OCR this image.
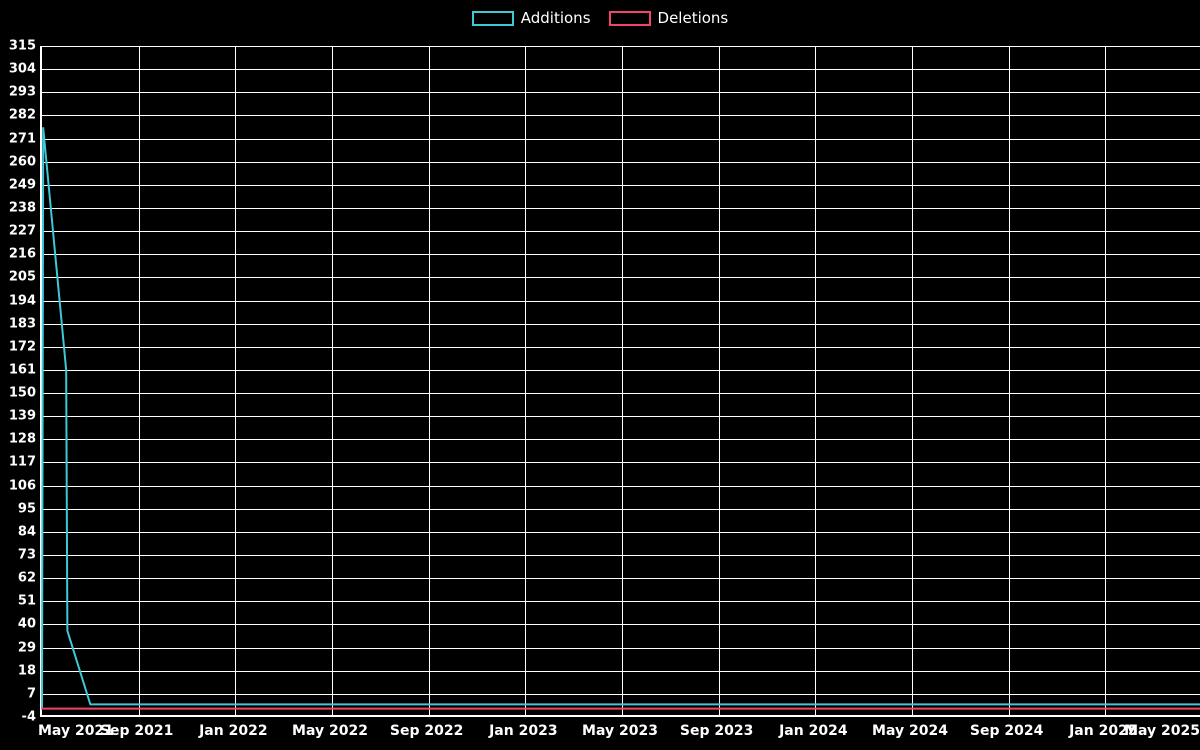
Additions	Deletions
-4
7
18
29
40
51
62
73
84
95
106
117
128
139
150
161
172
183
194
205
216
227
238
249
260
271
282
293
304
315
May 2021
Sep 2021 Jan 2022 May 2022 Sep 2022 Jan 2023 May 2023 Sep 2023 Jan 2024 May 2024 Sep 2024 Jan 2025
May 2025
